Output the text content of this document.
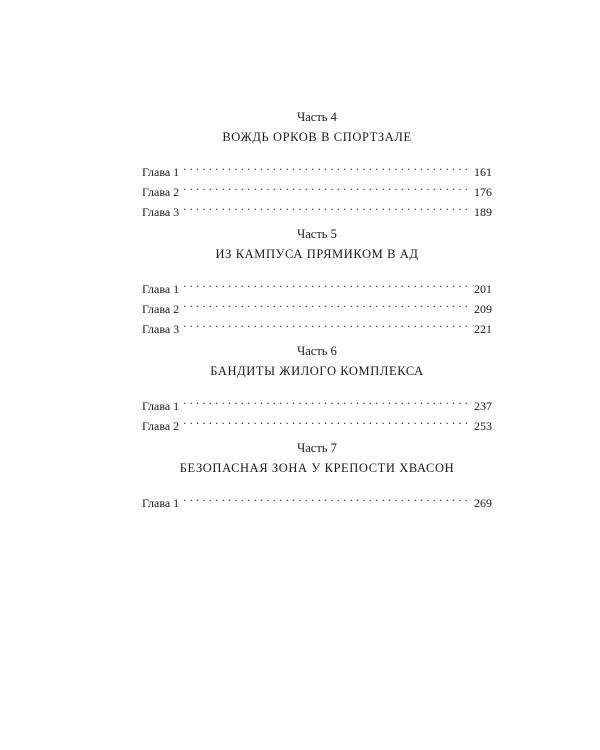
Часть 4
ВОЖДЬ ОРКОВ В СПОРТЗАЛЕ
Глава 1 . . .	161
Глава 2 . . .	176
Глава 3 . . .	189
Часть 5
ИЗ КАМПУСА ПРЯМИКОМ В АД
Глава 1 . . .	201
Глава 2 . . .	209
Глава 3 . . .	221
Часть 6
БАНДИТЫ ЖИЛОГО КОМПЛЕКСА
Глава 1 . . .	237
Глава 2 . . .	253
Часть 7
БЕЗОПАСНАЯ ЗОНА У КРЕПОСТИ ХВАСОН
Глава 1 . . .	269
